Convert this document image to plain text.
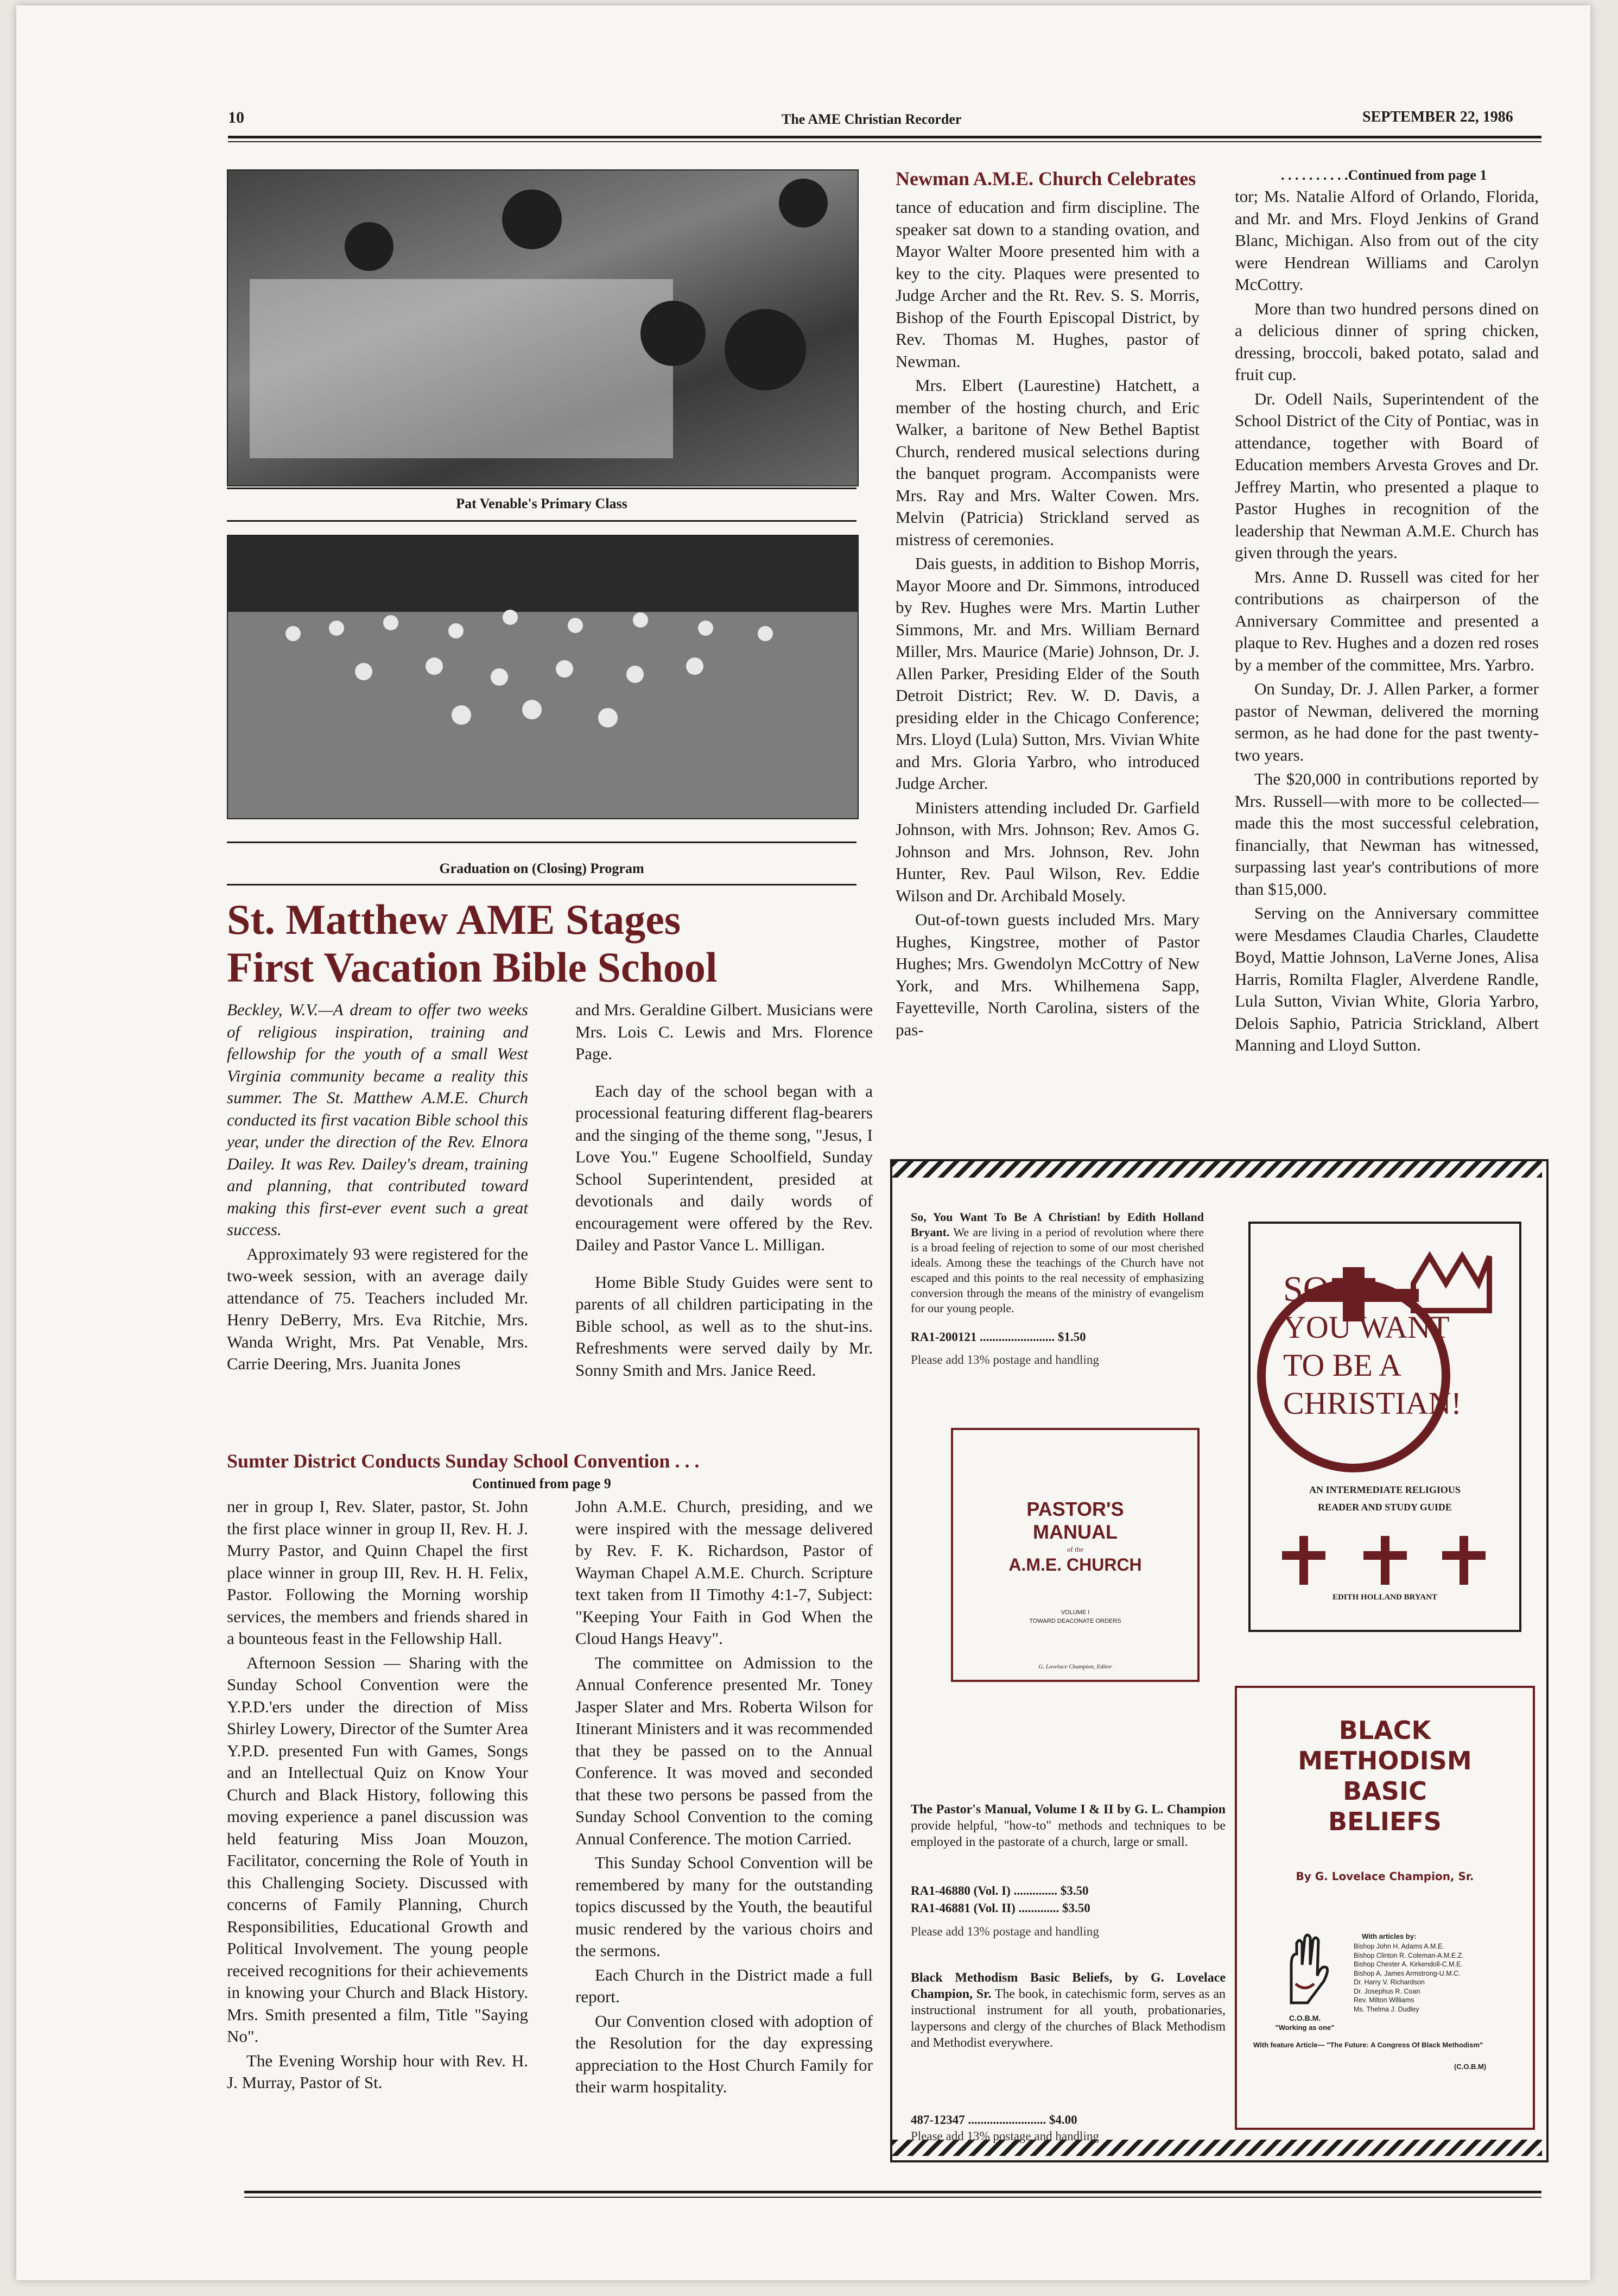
10	The AME Christian Recorder	SEPTEMBER 22, 1986
Pat Venable's Primary Class
Graduation on (Closing) Program
St. Matthew AME Stages
First Vacation Bible School

Beckley, W.V.—A dream to offer two weeks of religious inspiration, training and fellowship for the youth of a small West Virginia community became a reality this summer. The St. Matthew A.M.E. Church conducted its first vacation Bible school this year, under the direction of the Rev. Elnora Dailey. It was Rev. Dailey's dream, training and planning, that contributed toward making this first-ever event such a great success.

Approximately 93 were registered for the two-week session, with an average daily attendance of 75. Teachers included Mr. Henry DeBerry, Mrs. Eva Ritchie, Mrs. Wanda Wright, Mrs. Pat Venable, Mrs. Carrie Deering, Mrs. Juanita Jones

and Mrs. Geraldine Gilbert. Musicians were Mrs. Lois C. Lewis and Mrs. Florence Page.

Each day of the school began with a processional featuring different flag-bearers and the singing of the theme song, "Jesus, I Love You." Eugene Schoolfield, Sunday School Superintendent, presided at devotionals and daily words of encouragement were offered by the Rev. Dailey and Pastor Vance L. Milligan.

Home Bible Study Guides were sent to parents of all children participating in the Bible school, as well as to the shut-ins. Refreshments were served daily by Mr. Sonny Smith and Mrs. Janice Reed.

Sumter District Conducts Sunday School Convention . . .
Continued from page 9

ner in group I, Rev. Slater, pastor, St. John the first place winner in group II, Rev. H. J. Murry Pastor, and Quinn Chapel the first place winner in group III, Rev. H. H. Felix, Pastor. Following the Morning worship services, the members and friends shared in a bounteous feast in the Fellowship Hall.

Afternoon Session — Sharing with the Sunday School Convention were the Y.P.D.'ers under the direction of Miss Shirley Lowery, Director of the Sumter Area Y.P.D. presented Fun with Games, Songs and an Intellectual Quiz on Know Your Church and Black History, following this moving experience a panel discussion was held featuring Miss Joan Mouzon, Facilitator, concerning the Role of Youth in this Challenging Society. Discussed with concerns of Family Planning, Church Responsibilities, Educational Growth and Political Involvement. The young people received recognitions for their achievements in knowing your Church and Black History. Mrs. Smith presented a film, Title "Saying No".

The Evening Worship hour with Rev. H. J. Murray, Pastor of St.

John A.M.E. Church, presiding, and we were inspired with the message delivered by Rev. F. K. Richardson, Pastor of Wayman Chapel A.M.E. Church. Scripture text taken from II Timothy 4:1-7, Subject: "Keeping Your Faith in God When the Cloud Hangs Heavy".

The committee on Admission to the Annual Conference presented Mr. Toney Jasper Slater and Mrs. Roberta Wilson for Itinerant Ministers and it was recommended that they be passed on to the Annual Conference. It was moved and seconded that these two persons be passed from the Sunday School Convention to the coming Annual Conference. The motion Carried.

This Sunday School Convention will be remembered by many for the outstanding topics discussed by the Youth, the beautiful music rendered by the various choirs and the sermons.

Each Church in the District made a full report.

Our Convention closed with adoption of the Resolution for the day expressing appreciation to the Host Church Family for their warm hospitality.

Newman A.M.E. Church Celebrates	. . . . . . . . . .Continued from page 1

tance of education and firm discipline. The speaker sat down to a standing ovation, and Mayor Walter Moore presented him with a key to the city. Plaques were presented to Judge Archer and the Rt. Rev. S. S. Morris, Bishop of the Fourth Episcopal District, by Rev. Thomas M. Hughes, pastor of Newman.

Mrs. Elbert (Laurestine) Hatchett, a member of the hosting church, and Eric Walker, a baritone of New Bethel Baptist Church, rendered musical selections during the banquet program. Accompanists were Mrs. Ray and Mrs. Walter Cowen. Mrs. Melvin (Patricia) Strickland served as mistress of ceremonies.

Dais guests, in addition to Bishop Morris, Mayor Moore and Dr. Simmons, introduced by Rev. Hughes were Mrs. Martin Luther Simmons, Mr. and Mrs. William Bernard Miller, Mrs. Maurice (Marie) Johnson, Dr. J. Allen Parker, Presiding Elder of the South Detroit District; Rev. W. D. Davis, a presiding elder in the Chicago Conference; Mrs. Lloyd (Lula) Sutton, Mrs. Vivian White and Mrs. Gloria Yarbro, who introduced Judge Archer.

Ministers attending included Dr. Garfield Johnson, with Mrs. Johnson; Rev. Amos G. Johnson and Mrs. Johnson, Rev. John Hunter, Rev. Paul Wilson, Rev. Eddie Wilson and Dr. Archibald Mosely.

Out-of-town guests included Mrs. Mary Hughes, Kingstree, mother of Pastor Hughes; Mrs. Gwendolyn McCottry of New York, and Mrs. Whilhemena Sapp, Fayetteville, North Carolina, sisters of the pas-

tor; Ms. Natalie Alford of Orlando, Florida, and Mr. and Mrs. Floyd Jenkins of Grand Blanc, Michigan. Also from out of the city were Hendrean Williams and Carolyn McCottry.

More than two hundred persons dined on a delicious dinner of spring chicken, dressing, broccoli, baked potato, salad and fruit cup.

Dr. Odell Nails, Superintendent of the School District of the City of Pontiac, was in attendance, together with Board of Education members Arvesta Groves and Dr. Jeffrey Martin, who presented a plaque to Pastor Hughes in recognition of the leadership that Newman A.M.E. Church has given through the years.

Mrs. Anne D. Russell was cited for her contributions as chairperson of the Anniversary Committee and presented a plaque to Rev. Hughes and a dozen red roses by a member of the committee, Mrs. Yarbro.

On Sunday, Dr. J. Allen Parker, a former pastor of Newman, delivered the morning sermon, as he had done for the past twenty-two years.

The $20,000 in contributions reported by Mrs. Russell—with more to be collected—made this the most successful celebration, financially, that Newman has witnessed, surpassing last year's contributions of more than $15,000.

Serving on the Anniversary committee were Mesdames Claudia Charles, Claudette Boyd, Mattie Johnson, LaVerne Jones, Alisa Harris, Romilta Flagler, Alverdene Randle, Lula Sutton, Vivian White, Gloria Yarbro, Delois Saphio, Patricia Strickland, Albert Manning and Lloyd Sutton.

So, You Want To Be A Christian! by Edith Holland Bryant. We are living in a period of revolution where there is a broad feeling of rejection to some of our most cherished ideals. Among these the teachings of the Church have not escaped and this points to the real necessity of emphasizing conversion through the means of the ministry of evangelism for our young people.
RA1-200121 ........................ $1.50
Please add 13% postage and handling
SO
YOU WANT
TO BE A
CHRISTIAN!
AN INTERMEDIATE RELIGIOUS
READER AND STUDY GUIDE
EDITH HOLLAND BRYANT
PASTOR'S
MANUAL
of the
A.M.E. CHURCH
VOLUME I
TOWARD DEACONATE ORDERS
G. Lovelace Champion, Editor
The Pastor's Manual, Volume I & II by G. L. Champion provide helpful, "how-to" methods and techniques to be employed in the pastorate of a church, large or small.
RA1-46880 (Vol. I) .............. $3.50
RA1-46881 (Vol. II) ............. $3.50
Please add 13% postage and handling
Black Methodism Basic Beliefs, by G. Lovelace Champion, Sr. The book, in catechismic form, serves as an instructional instrument for all youth, probationaries, laypersons and clergy of the churches of Black Methodism and Methodist everywhere.
487-12347 ......................... $4.00
Please add 13% postage and handling
BLACK
METHODISM
BASIC
BELIEFS
By G. Lovelace Champion, Sr.
C.O.B.M.
"Working as one"
With articles by:
Bishop John H. Adams A.M.E.
Bishop Clinton R. Coleman-A.M.E.Z.
Bishop Chester A. Kirkendoll-C.M.E.
Bishop A. James Armstrong-U.M.C.
Dr. Harry V. Richardson
Dr. Josephus R. Coan
Rev. Milton Williams
Ms. Thelma J. Dudley
With feature Article— "The Future: A Congress Of Black Methodism"
(C.O.B.M)
